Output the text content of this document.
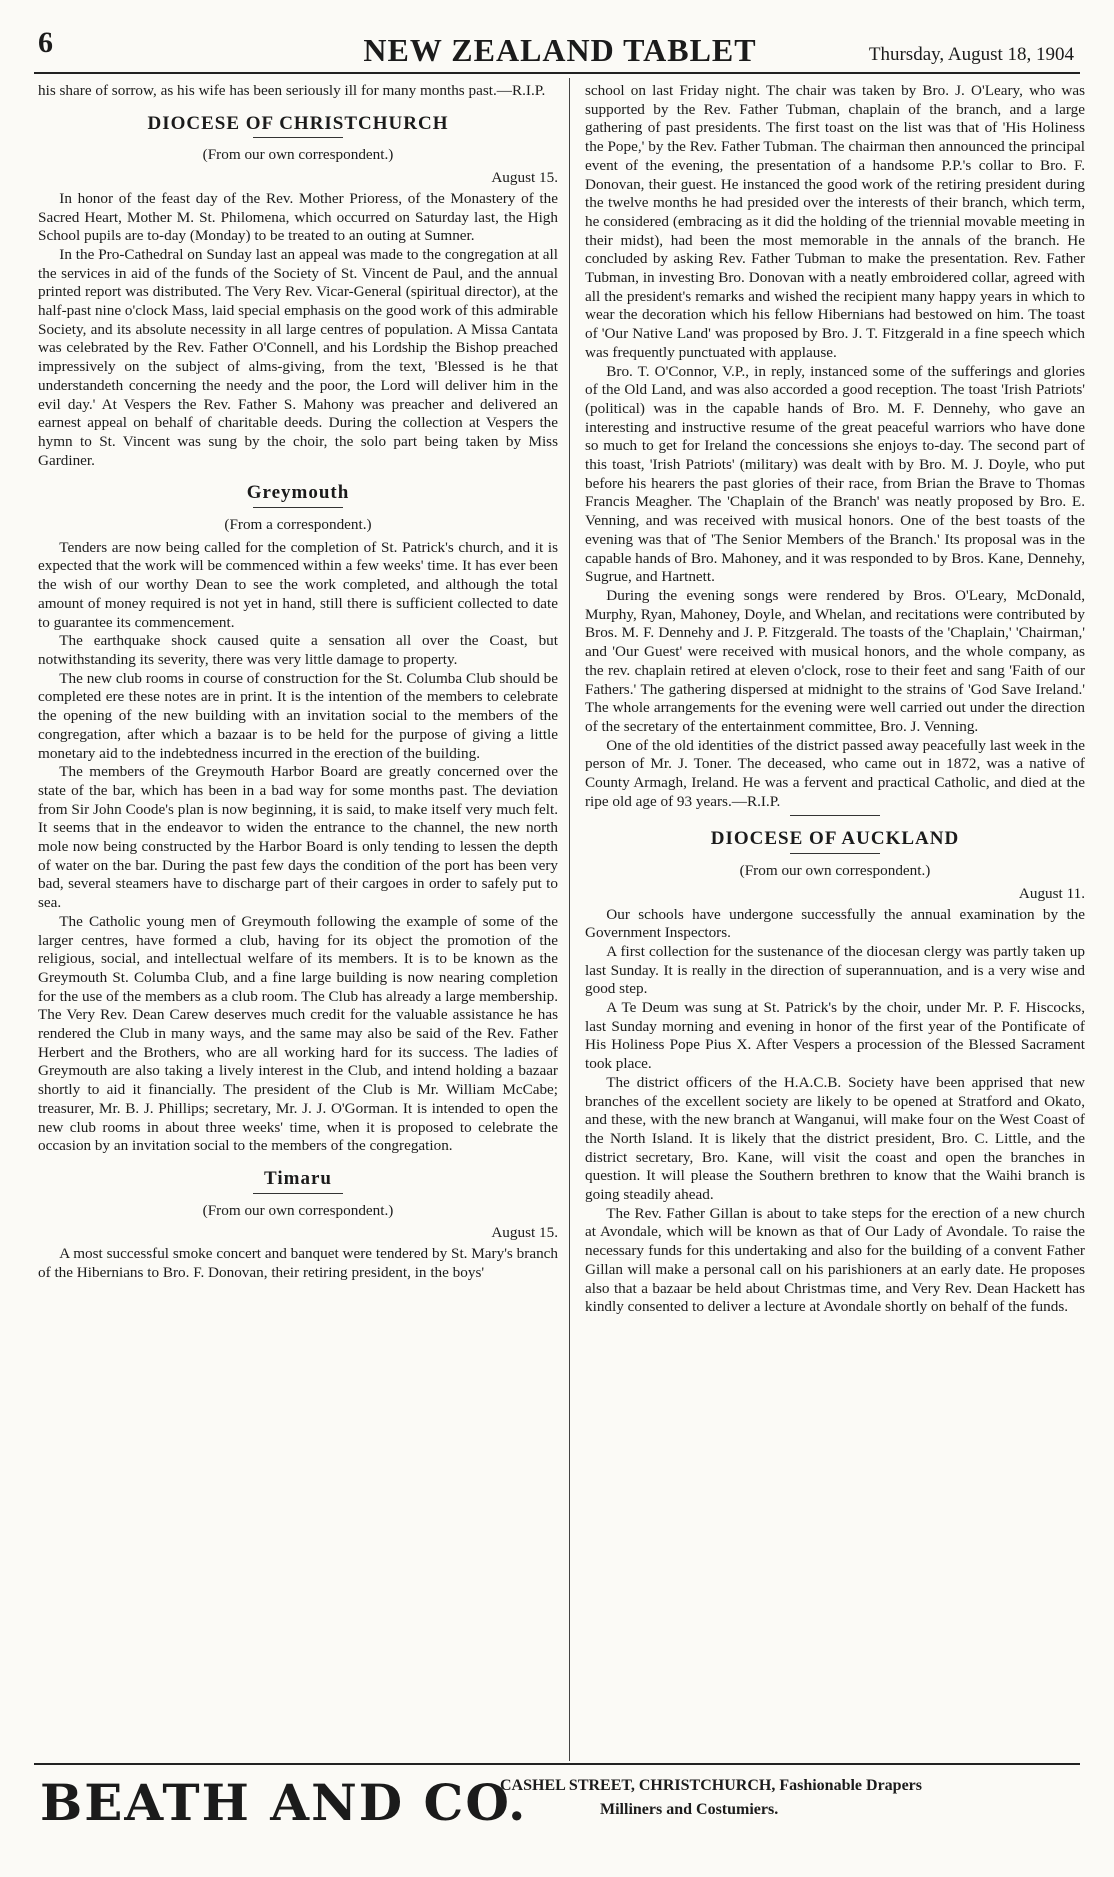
6	NEW ZEALAND TABLET	Thursday, August 18, 1904

his share of sorrow, as his wife has been seriously ill for many months past.—R.I.P.

DIOCESE OF CHRISTCHURCH
(From our own correspondent.)
August 15.

In honor of the feast day of the Rev. Mother Prioress, of the Monastery of the Sacred Heart, Mother M. St. Philomena, which occurred on Saturday last, the High School pupils are to-day (Monday) to be treated to an outing at Sumner.

In the Pro-Cathedral on Sunday last an appeal was made to the congregation at all the services in aid of the funds of the Society of St. Vincent de Paul, and the annual printed report was distributed. The Very Rev. Vicar-General (spiritual director), at the half-past nine o'clock Mass, laid special emphasis on the good work of this admirable Society, and its absolute necessity in all large centres of population. A Missa Cantata was celebrated by the Rev. Father O'Connell, and his Lordship the Bishop preached impressively on the subject of alms-giving, from the text, 'Blessed is he that understandeth concerning the needy and the poor, the Lord will deliver him in the evil day.' At Vespers the Rev. Father S. Mahony was preacher and delivered an earnest appeal on behalf of charitable deeds. During the collection at Vespers the hymn to St. Vincent was sung by the choir, the solo part being taken by Miss Gardiner.

Greymouth
(From a correspondent.)

Tenders are now being called for the completion of St. Patrick's church, and it is expected that the work will be commenced within a few weeks' time. It has ever been the wish of our worthy Dean to see the work completed, and although the total amount of money required is not yet in hand, still there is sufficient collected to date to guarantee its commencement.

The earthquake shock caused quite a sensation all over the Coast, but notwithstanding its severity, there was very little damage to property.

The new club rooms in course of construction for the St. Columba Club should be completed ere these notes are in print. It is the intention of the members to celebrate the opening of the new building with an invitation social to the members of the congregation, after which a bazaar is to be held for the purpose of giving a little monetary aid to the indebtedness incurred in the erection of the building.

The members of the Greymouth Harbor Board are greatly concerned over the state of the bar, which has been in a bad way for some months past. The deviation from Sir John Coode's plan is now beginning, it is said, to make itself very much felt. It seems that in the endeavor to widen the entrance to the channel, the new north mole now being constructed by the Harbor Board is only tending to lessen the depth of water on the bar. During the past few days the condition of the port has been very bad, several steamers have to discharge part of their cargoes in order to safely put to sea.

The Catholic young men of Greymouth following the example of some of the larger centres, have formed a club, having for its object the promotion of the religious, social, and intellectual welfare of its members. It is to be known as the Greymouth St. Columba Club, and a fine large building is now nearing completion for the use of the members as a club room. The Club has already a large membership. The Very Rev. Dean Carew deserves much credit for the valuable assistance he has rendered the Club in many ways, and the same may also be said of the Rev. Father Herbert and the Brothers, who are all working hard for its success. The ladies of Greymouth are also taking a lively interest in the Club, and intend holding a bazaar shortly to aid it financially. The president of the Club is Mr. William McCabe; treasurer, Mr. B. J. Phillips; secretary, Mr. J. J. O'Gorman. It is intended to open the new club rooms in about three weeks' time, when it is proposed to celebrate the occasion by an invitation social to the members of the congregation.

Timaru
(From our own correspondent.)
August 15.

A most successful smoke concert and banquet were tendered by St. Mary's branch of the Hibernians to Bro. F. Donovan, their retiring president, in the boys'

school on last Friday night. The chair was taken by Bro. J. O'Leary, who was supported by the Rev. Father Tubman, chaplain of the branch, and a large gathering of past presidents. The first toast on the list was that of 'His Holiness the Pope,' by the Rev. Father Tubman. The chairman then announced the principal event of the evening, the presentation of a handsome P.P.'s collar to Bro. F. Donovan, their guest. He instanced the good work of the retiring president during the twelve months he had presided over the interests of their branch, which term, he considered (embracing as it did the holding of the triennial movable meeting in their midst), had been the most memorable in the annals of the branch. He concluded by asking Rev. Father Tubman to make the presentation. Rev. Father Tubman, in investing Bro. Donovan with a neatly embroidered collar, agreed with all the president's remarks and wished the recipient many happy years in which to wear the decoration which his fellow Hibernians had bestowed on him. The toast of 'Our Native Land' was proposed by Bro. J. T. Fitzgerald in a fine speech which was frequently punctuated with applause.

Bro. T. O'Connor, V.P., in reply, instanced some of the sufferings and glories of the Old Land, and was also accorded a good reception. The toast 'Irish Patriots' (political) was in the capable hands of Bro. M. F. Dennehy, who gave an interesting and instructive resume of the great peaceful warriors who have done so much to get for Ireland the concessions she enjoys to-day. The second part of this toast, 'Irish Patriots' (military) was dealt with by Bro. M. J. Doyle, who put before his hearers the past glories of their race, from Brian the Brave to Thomas Francis Meagher. The 'Chaplain of the Branch' was neatly proposed by Bro. E. Venning, and was received with musical honors. One of the best toasts of the evening was that of 'The Senior Members of the Branch.' Its proposal was in the capable hands of Bro. Mahoney, and it was responded to by Bros. Kane, Dennehy, Sugrue, and Hartnett.

During the evening songs were rendered by Bros. O'Leary, McDonald, Murphy, Ryan, Mahoney, Doyle, and Whelan, and recitations were contributed by Bros. M. F. Dennehy and J. P. Fitzgerald. The toasts of the 'Chaplain,' 'Chairman,' and 'Our Guest' were received with musical honors, and the whole company, as the rev. chaplain retired at eleven o'clock, rose to their feet and sang 'Faith of our Fathers.' The gathering dispersed at midnight to the strains of 'God Save Ireland.' The whole arrangements for the evening were well carried out under the direction of the secretary of the entertainment committee, Bro. J. Venning.

One of the old identities of the district passed away peacefully last week in the person of Mr. J. Toner. The deceased, who came out in 1872, was a native of County Armagh, Ireland. He was a fervent and practical Catholic, and died at the ripe old age of 93 years.—R.I.P.

DIOCESE OF AUCKLAND
(From our own correspondent.)
August 11.

Our schools have undergone successfully the annual examination by the Government Inspectors.

A first collection for the sustenance of the diocesan clergy was partly taken up last Sunday. It is really in the direction of superannuation, and is a very wise and good step.

A Te Deum was sung at St. Patrick's by the choir, under Mr. P. F. Hiscocks, last Sunday morning and evening in honor of the first year of the Pontificate of His Holiness Pope Pius X. After Vespers a procession of the Blessed Sacrament took place.

The district officers of the H.A.C.B. Society have been apprised that new branches of the excellent society are likely to be opened at Stratford and Okato, and these, with the new branch at Wanganui, will make four on the West Coast of the North Island. It is likely that the district president, Bro. C. Little, and the district secretary, Bro. Kane, will visit the coast and open the branches in question. It will please the Southern brethren to know that the Waihi branch is going steadily ahead.

The Rev. Father Gillan is about to take steps for the erection of a new church at Avondale, which will be known as that of Our Lady of Avondale. To raise the necessary funds for this undertaking and also for the building of a convent Father Gillan will make a personal call on his parishioners at an early date. He proposes also that a bazaar be held about Christmas time, and Very Rev. Dean Hackett has kindly consented to deliver a lecture at Avondale shortly on behalf of the funds.

BEATH AND CO.
CASHEL STREET, CHRISTCHURCH, Fashionable Drapers
Milliners and Costumiers.
